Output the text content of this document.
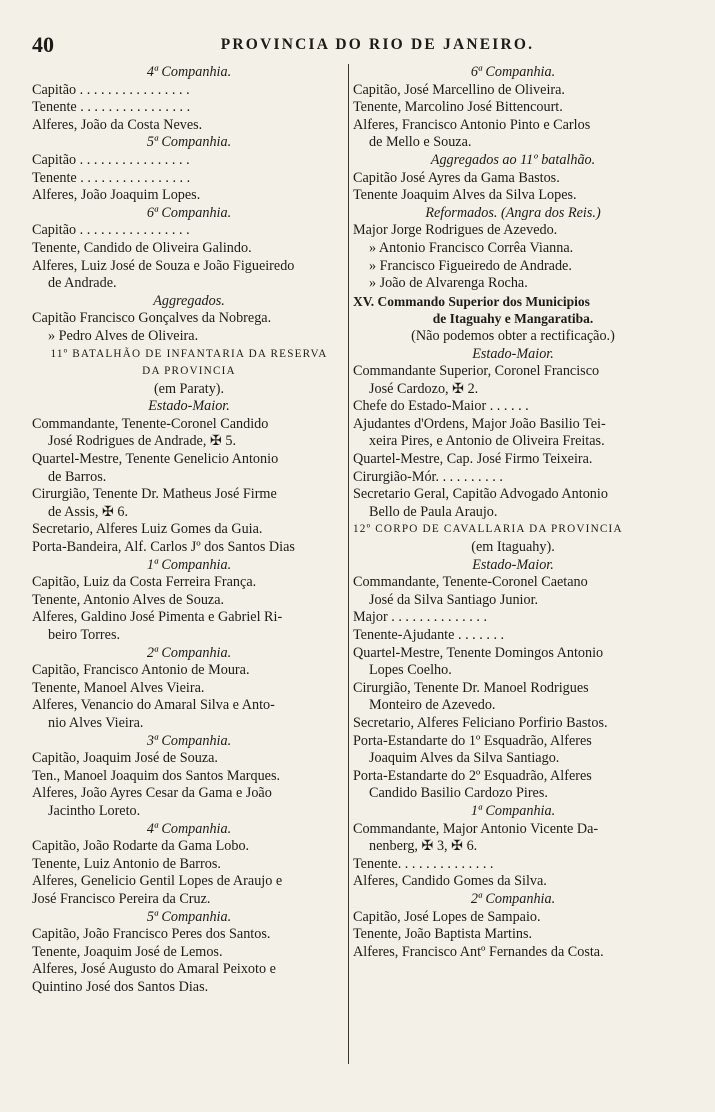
40	PROVINCIA DO RIO DE JANEIRO.
4ª Companhia.
Capitão . . . . . . . . . . . . . . . .
Tenente . . . . . . . . . . . . . . . .
Alferes, João da Costa Neves.
5ª Companhia.
Capitão . . . . . . . . . . . . . . . .
Tenente . . . . . . . . . . . . . . . .
Alferes, João Joaquim Lopes.
6ª Companhia.
Capitão . . . . . . . . . . . . . . . .
Tenente, Candido de Oliveira Galindo.
Alferes, Luiz José de Souza e João Figueiredo
de Andrade.
Aggregados.
Capitão Francisco Gonçalves da Nobrega.
» Pedro Alves de Oliveira.
11º BATALHÃO DE INFANTARIA DA RESERVA
DA PROVINCIA
(em Paraty).
Estado-Maior.
Commandante, Tenente-Coronel Candido
José Rodrigues de Andrade, ✠ 5.
Quartel-Mestre, Tenente Genelicio Antonio
de Barros.
Cirurgião, Tenente Dr. Matheus José Firme
de Assis, ✠ 6.
Secretario, Alferes Luiz Gomes da Guia.
Porta-Bandeira, Alf. Carlos Jº dos Santos Dias
1ª Companhia.
Capitão, Luiz da Costa Ferreira França.
Tenente, Antonio Alves de Souza.
Alferes, Galdino José Pimenta e Gabriel Ri-
beiro Torres.
2ª Companhia.
Capitão, Francisco Antonio de Moura.
Tenente, Manoel Alves Vieira.
Alferes, Venancio do Amaral Silva e Anto-
nio Alves Vieira.
3ª Companhia.
Capitão, Joaquim José de Souza.
Ten., Manoel Joaquim dos Santos Marques.
Alferes, João Ayres Cesar da Gama e João
Jacintho Loreto.
4ª Companhia.
Capitão, João Rodarte da Gama Lobo.
Tenente, Luiz Antonio de Barros.
Alferes, Genelicio Gentil Lopes de Araujo e
José Francisco Pereira da Cruz.
5ª Companhia.
Capitão, João Francisco Peres dos Santos.
Tenente, Joaquim José de Lemos.
Alferes, José Augusto do Amaral Peixoto e
Quintino José dos Santos Dias.
6ª Companhia.
Capitão, José Marcellino de Oliveira.
Tenente, Marcolino José Bittencourt.
Alferes, Francisco Antonio Pinto e Carlos
de Mello e Souza.
Aggregados ao 11º batalhão.
Capitão José Ayres da Gama Bastos.
Tenente Joaquim Alves da Silva Lopes.
Reformados. (Angra dos Reis.)
Major Jorge Rodrigues de Azevedo.
» Antonio Francisco Corrêa Vianna.
» Francisco Figueiredo de Andrade.
» João de Alvarenga Rocha.
XV. Commando Superior dos Municipios
de Itaguahy e Mangaratiba.
(Não podemos obter a rectificação.)
Estado-Maior.
Commandante Superior, Coronel Francisco
José Cardozo, ✠ 2.
Chefe do Estado-Maior . . . . . .
Ajudantes d'Ordens, Major João Basilio Tei-
xeira Pires, e Antonio de Oliveira Freitas.
Quartel-Mestre, Cap. José Firmo Teixeira.
Cirurgião-Mór. . . . . . . . . .
Secretario Geral, Capitão Advogado Antonio
Bello de Paula Araujo.
12º CORPO DE CAVALLARIA DA PROVINCIA
(em Itaguahy).
Estado-Maior.
Commandante, Tenente-Coronel Caetano
José da Silva Santiago Junior.
Major . . . . . . . . . . . . . .
Tenente-Ajudante . . . . . . .
Quartel-Mestre, Tenente Domingos Antonio
Lopes Coelho.
Cirurgião, Tenente Dr. Manoel Rodrigues
Monteiro de Azevedo.
Secretario, Alferes Feliciano Porfirio Bastos.
Porta-Estandarte do 1º Esquadrão, Alferes
Joaquim Alves da Silva Santiago.
Porta-Estandarte do 2º Esquadrão, Alferes
Candido Basilio Cardozo Pires.
1ª Companhia.
Commandante, Major Antonio Vicente Da-
nenberg, ✠ 3, ✠ 6.
Tenente. . . . . . . . . . . . . .
Alferes, Candido Gomes da Silva.
2ª Companhia.
Capitão, José Lopes de Sampaio.
Tenente, João Baptista Martins.
Alferes, Francisco Antº Fernandes da Costa.
